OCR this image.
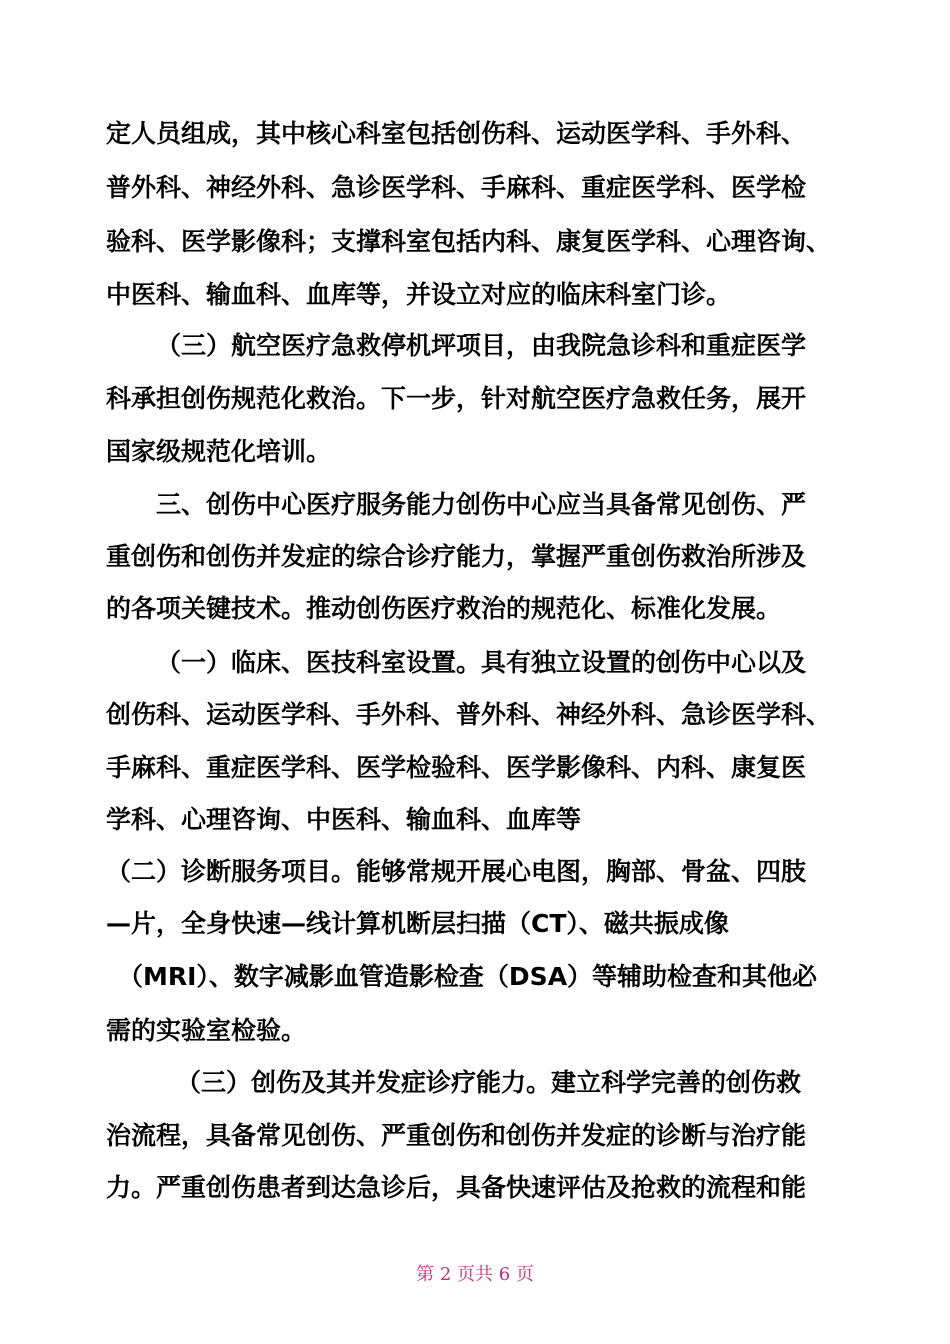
定人员组成，其中核心科室包括创伤科、运动医学科、手外科、
普外科、神经外科、急诊医学科、手麻科、重症医学科、医学检
验科、医学影像科；支撑科室包括内科、康复医学科、心理咨询、
中医科、输血科、血库等，并设立对应的临床科室门诊。
（三）航空医疗急救停机坪项目，由我院急诊科和重症医学
科承担创伤规范化救治。下一步，针对航空医疗急救任务，展开
国家级规范化培训。
三、创伤中心医疗服务能力创伤中心应当具备常见创伤、严
重创伤和创伤并发症的综合诊疗能力，掌握严重创伤救治所涉及
的各项关键技术。推动创伤医疗救治的规范化、标准化发展。
（一）临床、医技科室设置。具有独立设置的创伤中心以及
创伤科、运动医学科、手外科、普外科、神经外科、急诊医学科、
手麻科、重症医学科、医学检验科、医学影像科、内科、康复医
学科、心理咨询、中医科、输血科、血库等
（二）诊断服务项目。能够常规开展心电图，胸部、骨盆、四肢
—片，全身快速—线计算机断层扫描（CT）、磁共振成像
（MRI）、数字减影血管造影检查（DSA）等辅助检查和其他必
需的实验室检验。
（三）创伤及其并发症诊疗能力。建立科学完善的创伤救
治流程，具备常见创伤、严重创伤和创伤并发症的诊断与治疗能
力。严重创伤患者到达急诊后，具备快速评估及抢救的流程和能
第 2 页共 6 页
